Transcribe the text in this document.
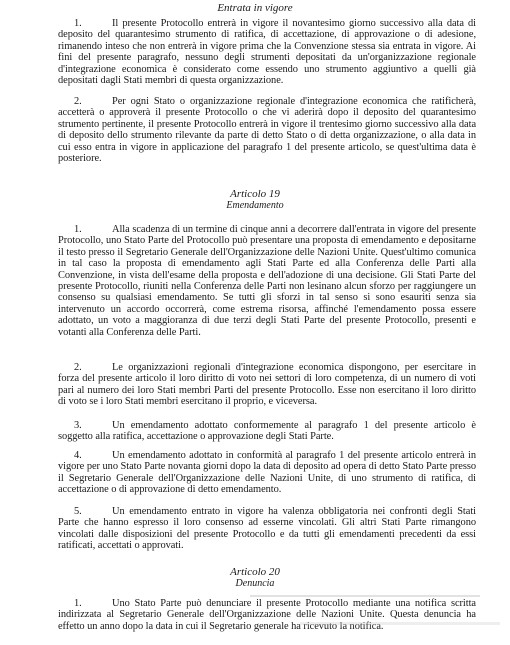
Entrata in vigore
1.	Il presente Protocollo entrerà in vigore il novantesimo giorno successivo alla data di deposito del quarantesimo strumento di ratifica, di accettazione, di approvazione o di adesione, rimanendo inteso che non entrerà in vigore prima che la Convenzione stessa sia entrata in vigore. Ai fini del presente paragrafo, nessuno degli strumenti depositati da un'organizzazione regionale d'integrazione economica è considerato come essendo uno strumento aggiuntivo a quelli già depositati dagli Stati membri di questa organizzazione.
2.	Per ogni Stato o organizzazione regionale d'integrazione economica che ratificherà, accetterà o approverà il presente Protocollo o che vi aderirà dopo il deposito del quarantesimo strumento pertinente, il presente Protocollo entrerà in vigore il trentesimo giorno successivo alla data di deposito dello strumento rilevante da parte di detto Stato o di detta organizzazione, o alla data in cui esso entra in vigore in applicazione del paragrafo 1 del presente articolo, se quest'ultima data è posteriore.
Articolo 19
Emendamento
1.	Alla scadenza di un termine di cinque anni a decorrere dall'entrata in vigore del presente Protocollo, uno Stato Parte del Protocollo può presentare una proposta di emendamento e depositarne il testo presso il Segretario Generale dell'Organizzazione delle Nazioni Unite. Quest'ultimo comunica in tal caso la proposta di emendamento agli Stati Parte ed alla Conferenza delle Parti alla Convenzione, in vista dell'esame della proposta e dell'adozione di una decisione. Gli Stati Parte del presente Protocollo, riuniti nella Conferenza delle Parti non lesinano alcun sforzo per raggiungere un consenso su qualsiasi emendamento. Se tutti gli sforzi in tal senso si sono esauriti senza sia intervenuto un accordo occorrerà, come estrema risorsa, affinché l'emendamento possa essere adottato, un voto a maggioranza di due terzi degli Stati Parte del presente Protocollo, presenti e votanti alla Conferenza delle Parti.
2.	Le organizzazioni regionali d'integrazione economica dispongono, per esercitare in forza del presente articolo il loro diritto di voto nei settori di loro competenza, di un numero di voti pari al numero dei loro Stati membri Parti del presente Protocollo. Esse non esercitano il loro diritto di voto se i loro Stati membri esercitano il proprio, e viceversa.
3.	Un emendamento adottato conformemente al paragrafo 1 del presente articolo è soggetto alla ratifica, accettazione o approvazione degli Stati Parte.
4.	Un emendamento adottato in conformità al paragrafo 1 del presente articolo entrerà in vigore per uno Stato Parte novanta giorni dopo la data di deposito ad opera di detto Stato Parte presso il Segretario Generale dell'Organizzazione delle Nazioni Unite, di uno strumento di ratifica, di accettazione o di approvazione di detto emendamento.
5.	Un emendamento entrato in vigore ha valenza obbligatoria nei confronti degli Stati Parte che hanno espresso il loro consenso ad esserne vincolati. Gli altri Stati Parte rimangono vincolati dalle disposizioni del presente Protocollo e da tutti gli emendamenti precedenti da essi ratificati, accettati o approvati.
Articolo 20
Denuncia
1.	Uno Stato Parte può denunciare il presente Protocollo mediante una notifica scritta indirizzata al Segretario Generale dell'Organizzazione delle Nazioni Unite. Questa denuncia ha effetto un anno dopo la data in cui il Segretario generale ha ricevuto la notifica.
